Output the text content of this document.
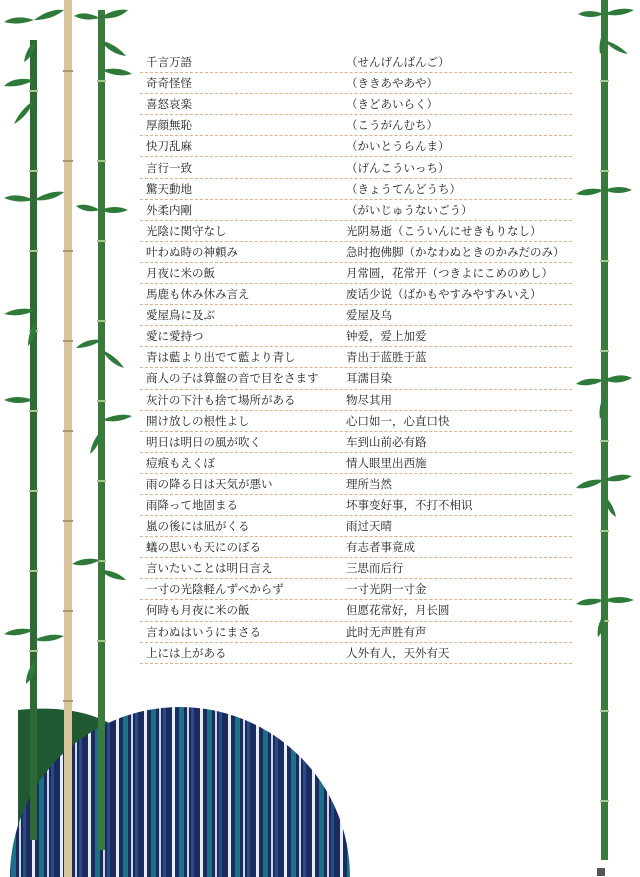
千言万語	（せんげんばんご）
奇奇怪怪	（ききあやあや）
喜怒哀楽	（きどあいらく）
厚顔無恥	（こうがんむち）
快刀乱麻	（かいとうらんま）
言行一致	（げんこういっち）
驚天動地	（きょうてんどうち）
外柔内剛	（がいじゅうないごう）
光陰に関守なし	光阴易逝（こういんにせきもりなし）
叶わぬ時の神頼み	急时抱佛脚（かなわぬときのかみだのみ）
月夜に米の飯	月常圆，花常开（つきよにこめのめし）
馬鹿も休み休み言え	废话少说（ばかもやすみやすみいえ）
愛屋鳥に及ぶ	爱屋及乌
愛に愛持つ	钟爱，爱上加爱
青は藍より出でて藍より青し	青出于蓝胜于蓝
商人の子は算盤の音で目をさます	耳濡目染
灰汁の下汁も捨て場所がある	物尽其用
開け放しの根性よし	心口如一，心直口快
明日は明日の風が吹く	车到山前必有路
痘痕もえくぼ	情人眼里出西施
雨の降る日は天気が悪い	理所当然
雨降って地固まる	坏事变好事，不打不相识
嵐の後には凪がくる	雨过天晴
蟻の思いも天にのぼる	有志者事竟成
言いたいことは明日言え	三思而后行
一寸の光陰軽んずべからず	一寸光阴一寸金
何時も月夜に米の飯	但愿花常好，月长圆
言わぬはいうにまさる	此时无声胜有声
上には上がある	人外有人，天外有天
